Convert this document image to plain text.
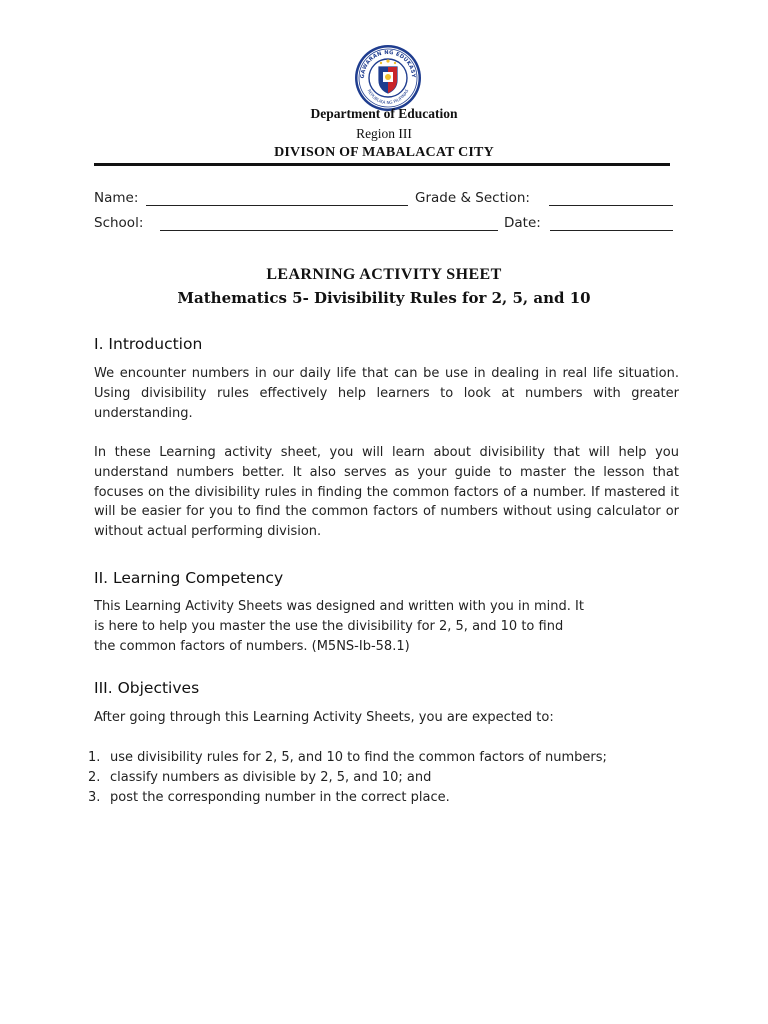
GAWARAN NG EDUKASY
REPUBLIKA NG PILIPINAS
Department of Education
Region III
DIVISON OF MABALACAT CITY
Name:	Grade & Section:
School:	Date:
LEARNING ACTIVITY SHEET
Mathematics 5- Divisibility Rules for 2, 5, and 10
I. Introduction
We encounter numbers in our daily life that can be use in dealing in real life situation. Using divisibility rules effectively help learners to look at numbers with greater understanding.
In these Learning activity sheet, you will learn about divisibility that will help you understand numbers better. It also serves as your guide to master the lesson that focuses on the divisibility rules in finding the common factors of a number. If mastered it will be easier for you to find the common factors of numbers without using calculator or without actual performing division.
II. Learning Competency
This Learning Activity Sheets was designed and written with you in mind. It
is here to help you master the use the divisibility for 2, 5, and 10 to find
the common factors of numbers. (M5NS-Ib-58.1)
III. Objectives
After going through this Learning Activity Sheets, you are expected to:
1. use divisibility rules for 2, 5, and 10 to find the common factors of numbers;
2. classify numbers as divisible by 2, 5, and 10; and
3. post the corresponding number in the correct place.
